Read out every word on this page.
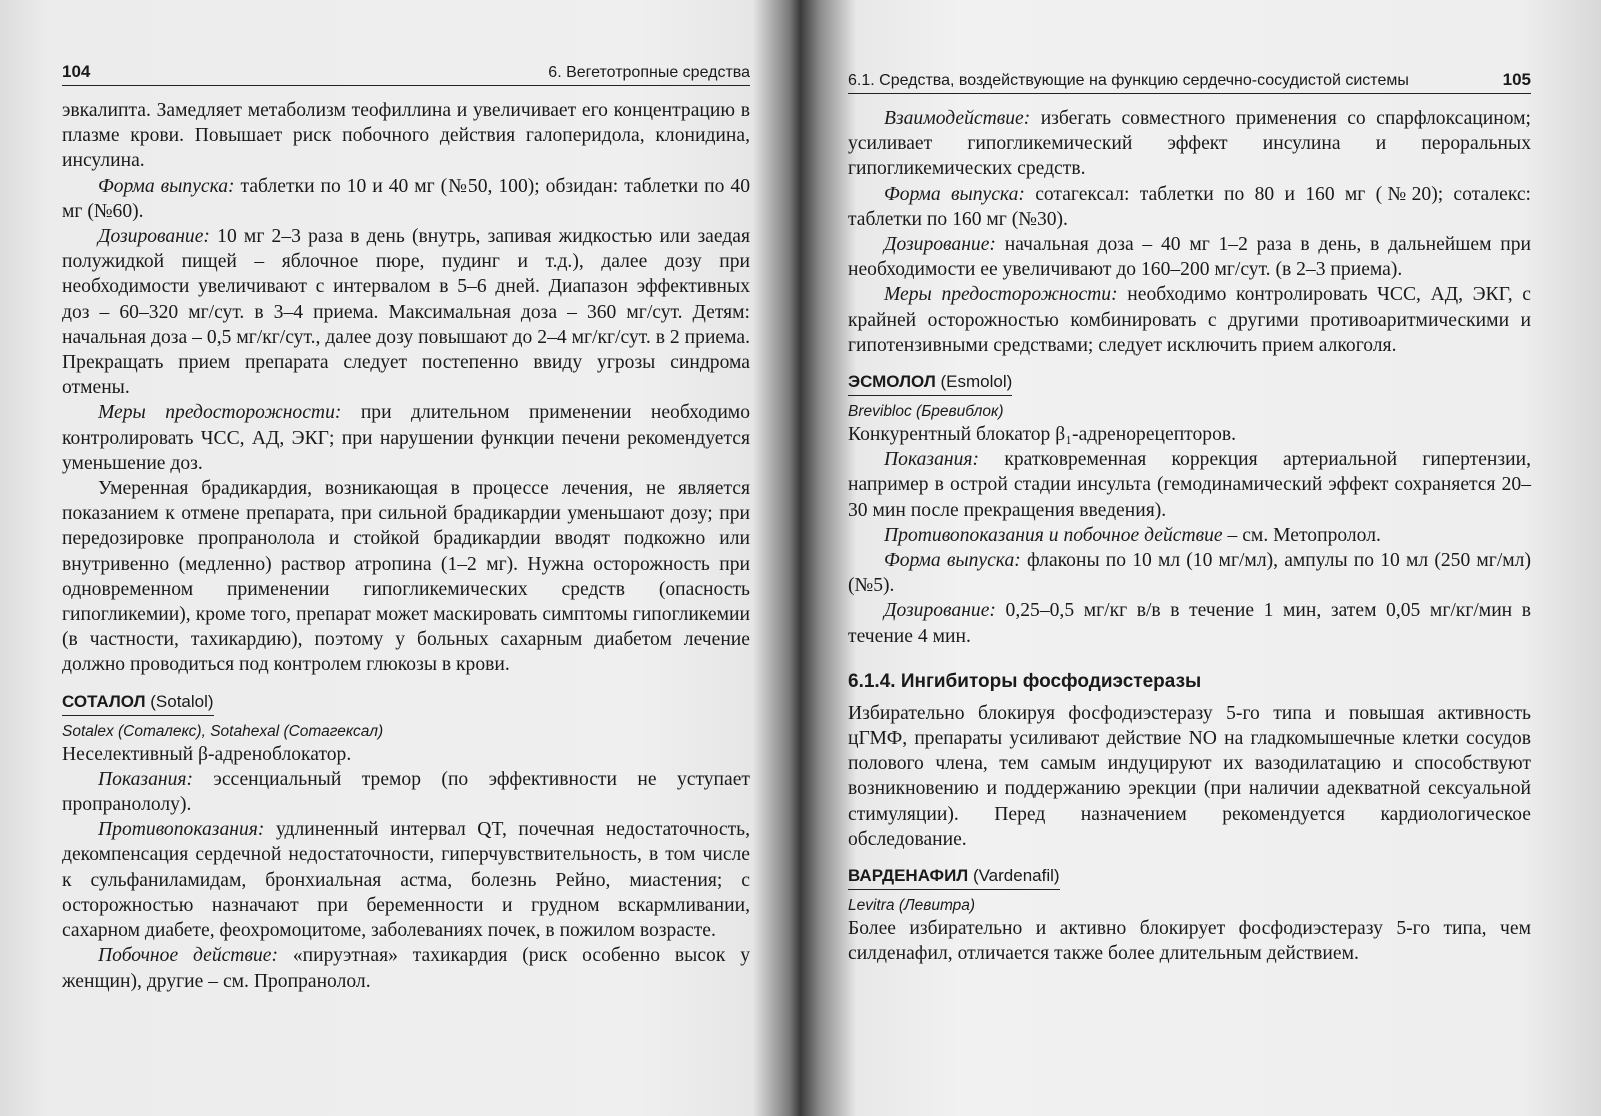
104	6. Вегетотропные средства

эвкалипта. Замедляет метаболизм теофиллина и увеличивает его концентрацию в плазме крови. Повышает риск побочного действия галоперидола, клонидина, инсулина.

Форма выпуска: таблетки по 10 и 40 мг (№50, 100); обзидан: таблетки по 40 мг (№60).

Дозирование: 10 мг 2–3 раза в день (внутрь, запивая жидкостью или заедая полужидкой пищей – яблочное пюре, пудинг и т.д.), далее дозу при необходимости увеличивают с интервалом в 5–6 дней. Диапазон эффективных доз – 60–320 мг/сут. в 3–4 приема. Максимальная доза – 360 мг/сут. Детям: начальная доза – 0,5 мг/кг/сут., далее дозу повышают до 2–4 мг/кг/сут. в 2 приема. Прекращать прием препарата следует постепенно ввиду угрозы синдрома отмены.

Меры предосторожности: при длительном применении необходимо контролировать ЧСС, АД, ЭКГ; при нарушении функции печени рекомендуется уменьшение доз.

Умеренная брадикардия, возникающая в процессе лечения, не является показанием к отмене препарата, при сильной брадикардии уменьшают дозу; при передозировке пропранолола и стойкой брадикардии вводят подкожно или внутривенно (медленно) раствор атропина (1–2 мг). Нужна осторожность при одновременном применении гипогликемических средств (опасность гипогликемии), кроме того, препарат может маскировать симптомы гипогликемии (в частности, тахикардию), поэтому у больных сахарным диабетом лечение должно проводиться под контролем глюкозы в крови.

СОТАЛОЛ (Sotalol)
Sotalex (Соталекс), Sotahexal (Сотагексал)

Неселективный β-адреноблокатор.

Показания: эссенциальный тремор (по эффективности не уступает пропранололу).

Противопоказания: удлиненный интервал QT, почечная недостаточность, декомпенсация сердечной недостаточности, гиперчувствительность, в том числе к сульфаниламидам, бронхиальная астма, болезнь Рейно, миастения; с осторожностью назначают при беременности и грудном вскармливании, сахарном диабете, феохромоцитоме, заболеваниях почек, в пожилом возрасте.

Побочное действие: «пируэтная» тахикардия (риск особенно высок у женщин), другие – см. Пропранолол.

6.1. Средства, воздействующие на функцию сердечно-сосудистой системы	105

Взаимодействие: избегать совместного применения со спарфлоксацином; усиливает гипогликемический эффект инсулина и пероральных гипогликемических средств.

Форма выпуска: сотагексал: таблетки по 80 и 160 мг (№20); соталекс: таблетки по 160 мг (№30).

Дозирование: начальная доза – 40 мг 1–2 раза в день, в дальнейшем при необходимости ее увеличивают до 160–200 мг/сут. (в 2–3 приема).

Меры предосторожности: необходимо контролировать ЧСС, АД, ЭКГ, с крайней осторожностью комбинировать с другими противоаритмическими и гипотензивными средствами; следует исключить прием алкоголя.

ЭСМОЛОЛ (Esmolol)
Brevibloc (Бревиблок)

Конкурентный блокатор β₁-адренорецепторов.

Показания: кратковременная коррекция артериальной гипертензии, например в острой стадии инсульта (гемодинамический эффект сохраняется 20–30 мин после прекращения введения).

Противопоказания и побочное действие – см. Метопролол.

Форма выпуска: флаконы по 10 мл (10 мг/мл), ампулы по 10 мл (250 мг/мл) (№5).

Дозирование: 0,25–0,5 мг/кг в/в в течение 1 мин, затем 0,05 мг/кг/мин в течение 4 мин.

6.1.4. Ингибиторы фосфодиэстеразы

Избирательно блокируя фосфодиэстеразу 5-го типа и повышая активность цГМФ, препараты усиливают действие NO на гладкомышечные клетки сосудов полового члена, тем самым индуцируют их вазодилатацию и способствуют возникновению и поддержанию эрекции (при наличии адекватной сексуальной стимуляции). Перед назначением рекомендуется кардиологическое обследование.

ВАРДЕНАФИЛ (Vardenafil)
Levitra (Левитра)

Более избирательно и активно блокирует фосфодиэстеразу 5-го типа, чем силденафил, отличается также более длительным действием.
